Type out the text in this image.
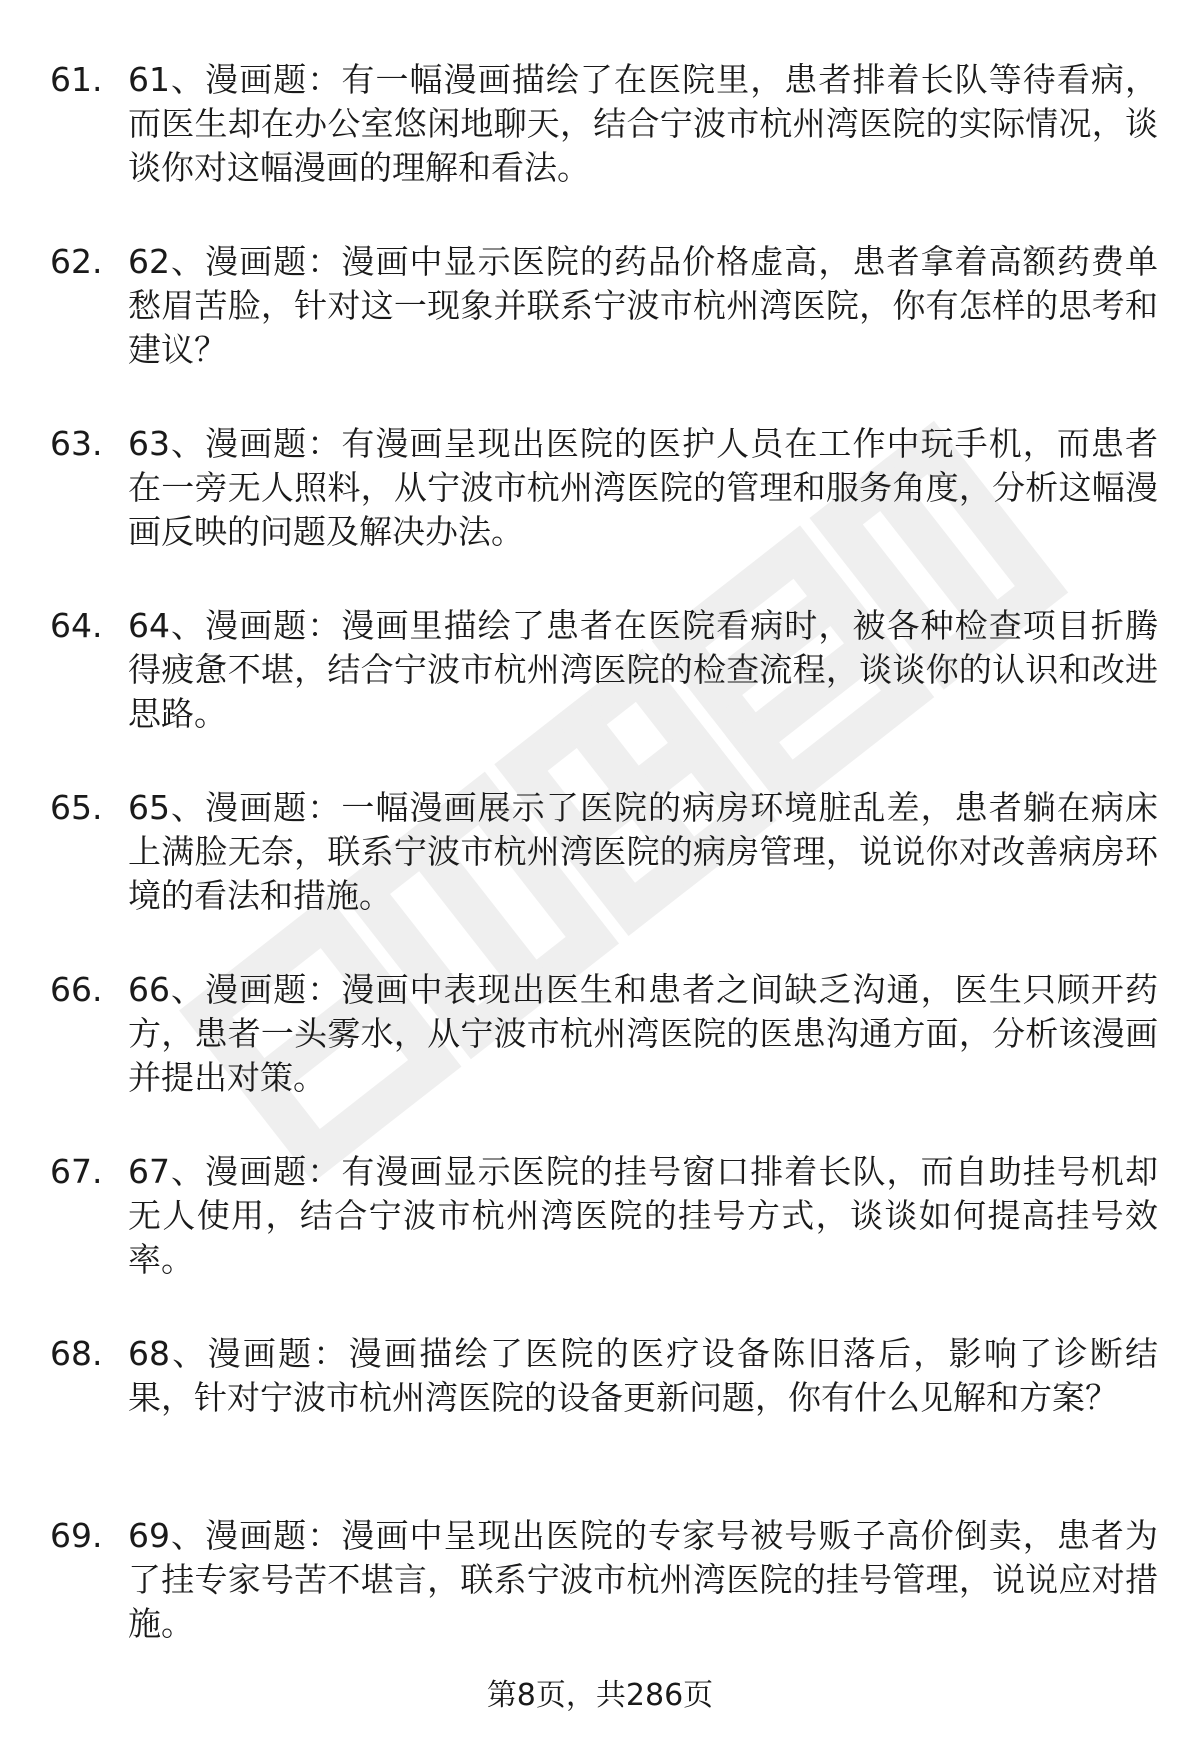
61. 61、漫画题：有一幅漫画描绘了在医院里，患者排着长队等待看病，而医生却在办公室悠闲地聊天，结合宁波市杭州湾医院的实际情况，谈谈你对这幅漫画的理解和看法。
62. 62、漫画题：漫画中显示医院的药品价格虚高，患者拿着高额药费单愁眉苦脸，针对这一现象并联系宁波市杭州湾医院，你有怎样的思考和建议？
63. 63、漫画题：有漫画呈现出医院的医护人员在工作中玩手机，而患者在一旁无人照料，从宁波市杭州湾医院的管理和服务角度，分析这幅漫画反映的问题及解决办法。
64. 64、漫画题：漫画里描绘了患者在医院看病时，被各种检查项目折腾得疲惫不堪，结合宁波市杭州湾医院的检查流程，谈谈你的认识和改进思路。
65. 65、漫画题：一幅漫画展示了医院的病房环境脏乱差，患者躺在病床上满脸无奈，联系宁波市杭州湾医院的病房管理，说说你对改善病房环境的看法和措施。
66. 66、漫画题：漫画中表现出医生和患者之间缺乏沟通，医生只顾开药方，患者一头雾水，从宁波市杭州湾医院的医患沟通方面，分析该漫画并提出对策。
67. 67、漫画题：有漫画显示医院的挂号窗口排着长队，而自助挂号机却无人使用，结合宁波市杭州湾医院的挂号方式，谈谈如何提高挂号效率。
68. 68、漫画题：漫画描绘了医院的医疗设备陈旧落后，影响了诊断结果，针对宁波市杭州湾医院的设备更新问题，你有什么见解和方案？
69. 69、漫画题：漫画中呈现出医院的专家号被号贩子高价倒卖，患者为了挂专家号苦不堪言，联系宁波市杭州湾医院的挂号管理，说说应对措施。
第8页，共286页
